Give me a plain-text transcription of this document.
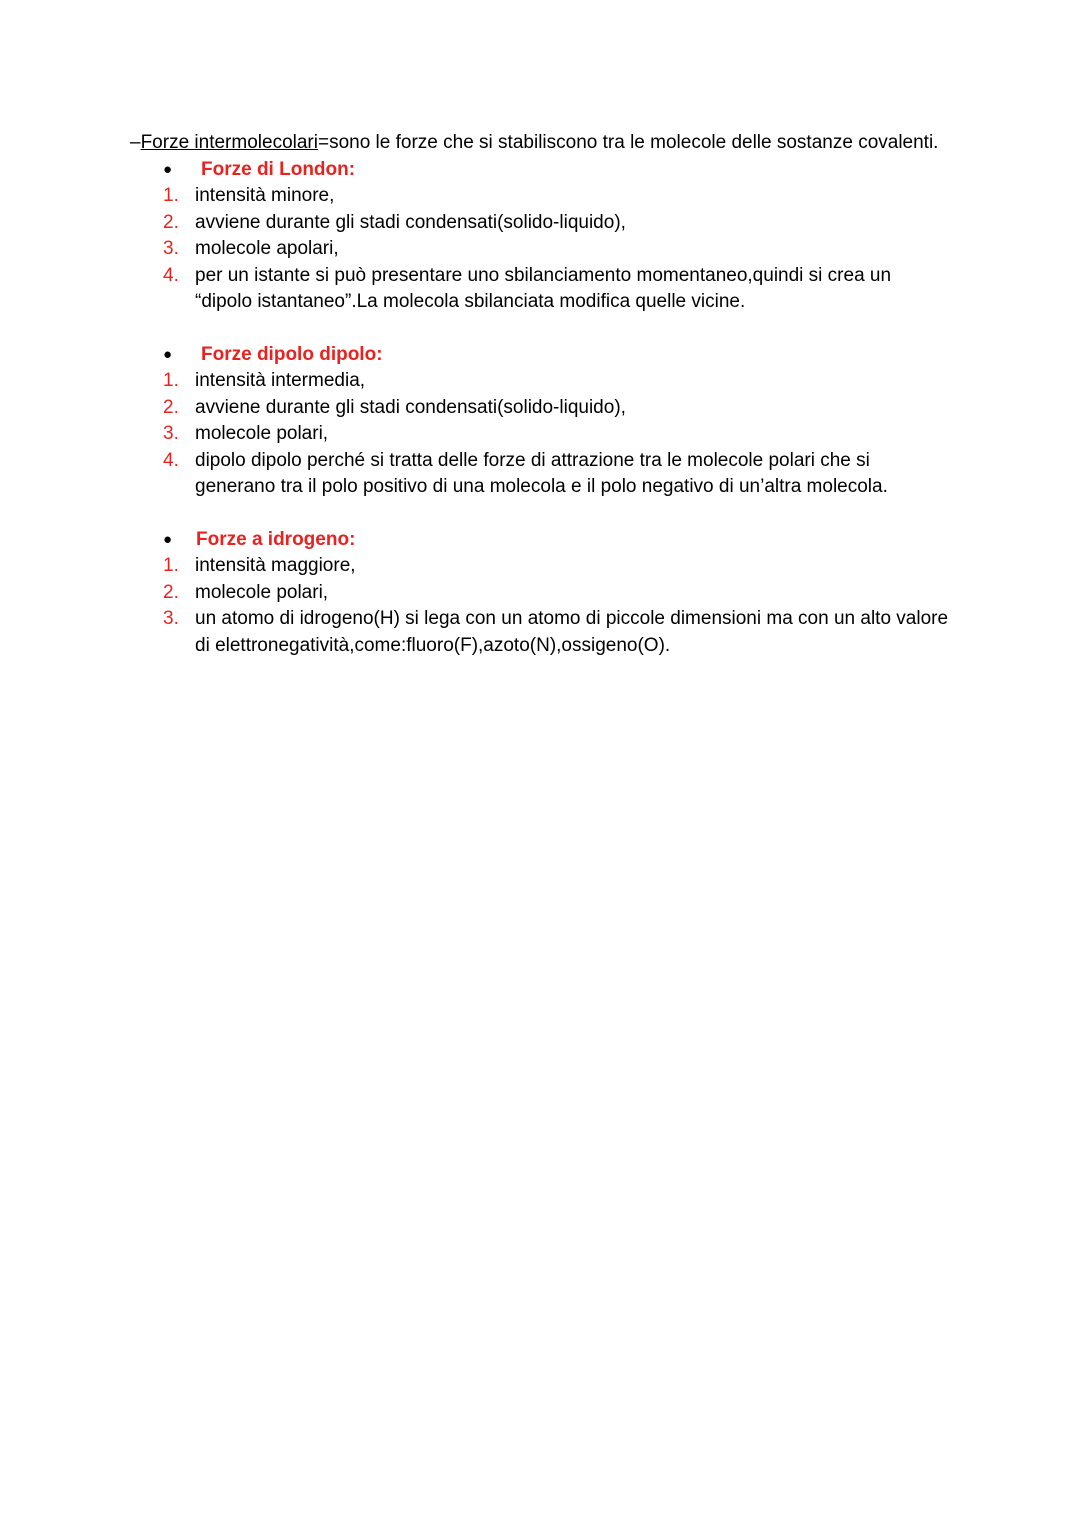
–Forze intermolecolari=sono le forze che si stabiliscono tra le molecole delle sostanze covalenti.

● Forze di London:
1. intensità minore,
2. avviene durante gli stadi condensati(solido-liquido),
3. molecole apolari,
4. per un istante si può presentare uno sbilanciamento momentaneo,quindi si crea un “dipolo istantaneo”.La molecola sbilanciata modifica quelle vicine.
● Forze dipolo dipolo:
1. intensità intermedia,
2. avviene durante gli stadi condensati(solido-liquido),
3. molecole polari,
4. dipolo dipolo perché si tratta delle forze di attrazione tra le molecole polari che si generano tra il polo positivo di una molecola e il polo negativo di un’altra molecola.
● Forze a idrogeno:
1. intensità maggiore,
2. molecole polari,
3. un atomo di idrogeno(H) si lega con un atomo di piccole dimensioni ma con un alto valore di elettronegatività,come:fluoro(F),azoto(N),ossigeno(O).
